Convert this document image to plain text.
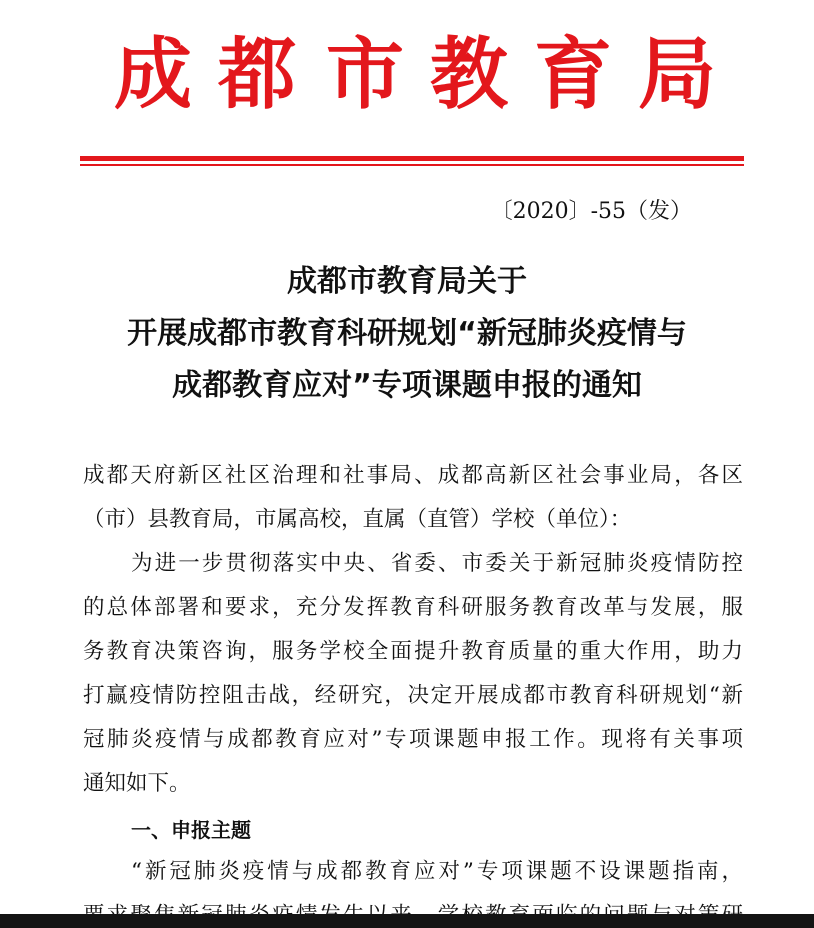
成 都 市 教 育 局
〔2020〕-55（发）
成都市教育局关于
开展成都市教育科研规划“新冠肺炎疫情与
成都教育应对”专项课题申报的通知
成都天府新区社区治理和社事局、成都高新区社会事业局，各区
（市）县教育局，市属高校，直属（直管）学校（单位）：
为进一步贯彻落实中央、省委、市委关于新冠肺炎疫情防控
的总体部署和要求，充分发挥教育科研服务教育改革与发展，服
务教育决策咨询，服务学校全面提升教育质量的重大作用，助力
打赢疫情防控阻击战，经研究，决定开展成都市教育科研规划“新
冠肺炎疫情与成都教育应对”专项课题申报工作。现将有关事项
通知如下。
一、申报主题
“新冠肺炎疫情与成都教育应对”专项课题不设课题指南，
